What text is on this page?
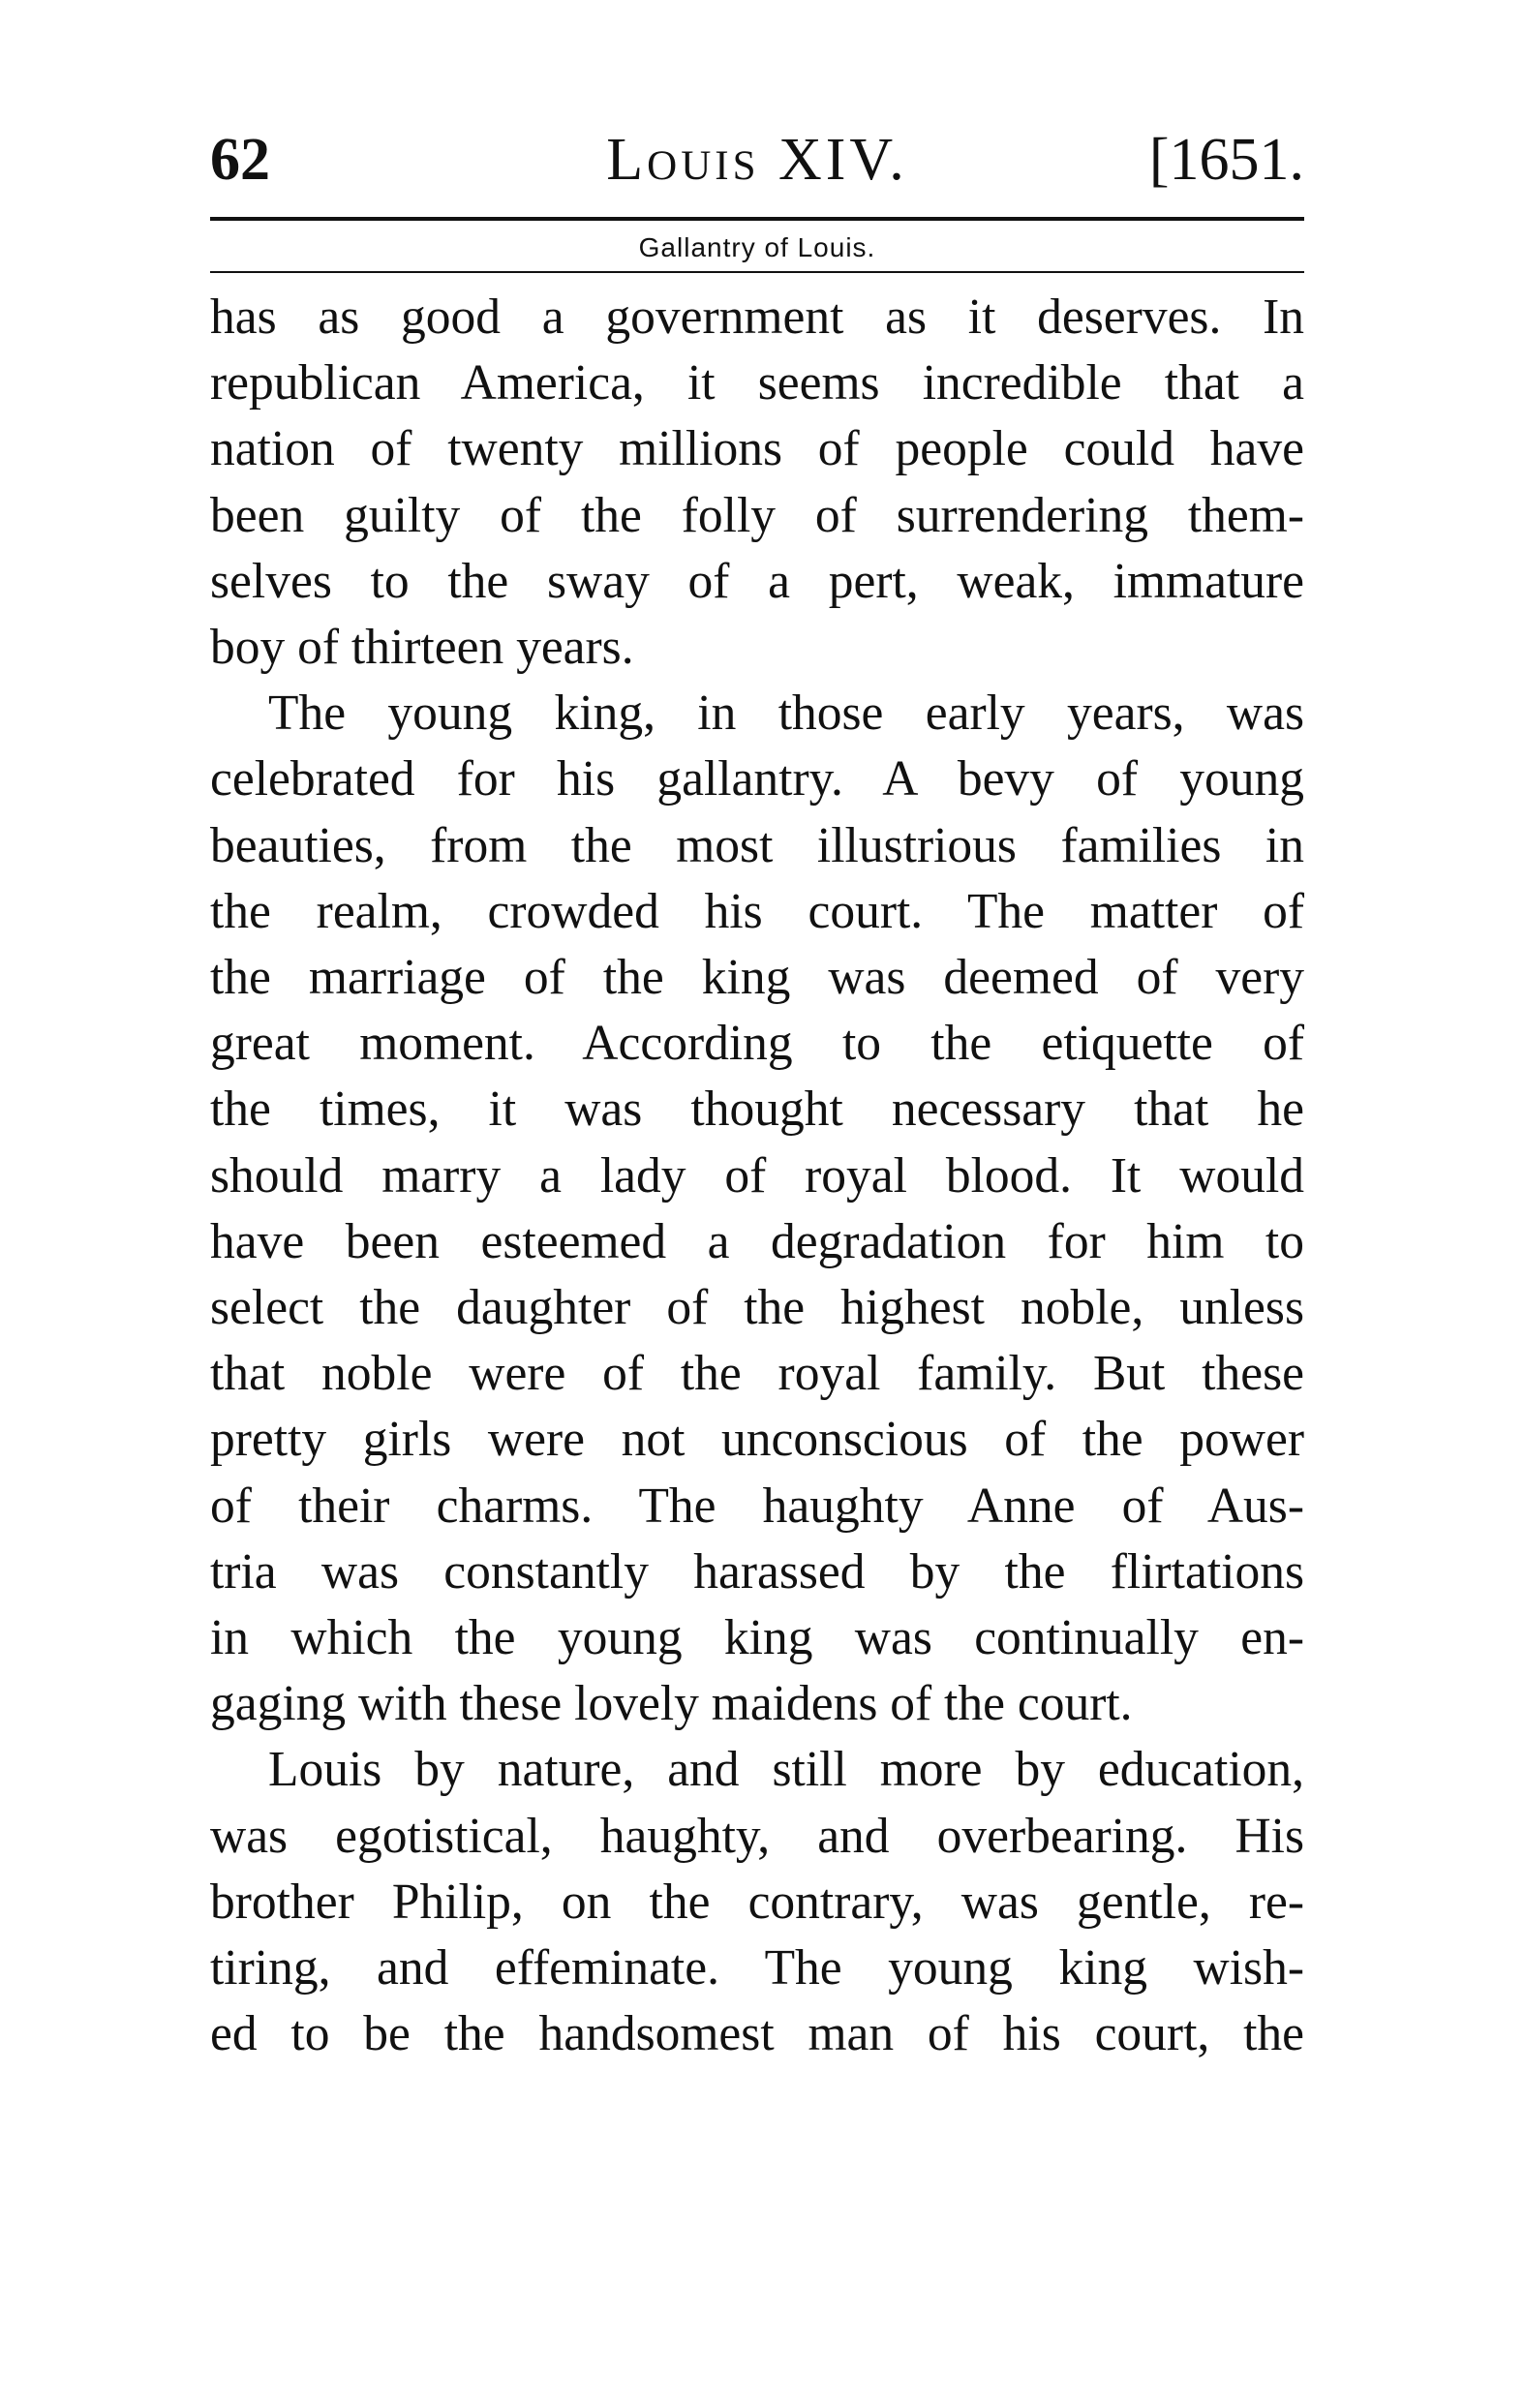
62	Louis XIV.	[1651.
Gallantry of Louis.
has as good a government as it deserves. In
republican America, it seems incredible that a
nation of twenty millions of people could have
been guilty of the folly of surrendering them-
selves to the sway of a pert, weak, immature
boy of thirteen years.
The young king, in those early years, was
celebrated for his gallantry. A bevy of young
beauties, from the most illustrious families in
the realm, crowded his court. The matter of
the marriage of the king was deemed of very
great moment. According to the etiquette of
the times, it was thought necessary that he
should marry a lady of royal blood. It would
have been esteemed a degradation for him to
select the daughter of the highest noble, unless
that noble were of the royal family. But these
pretty girls were not unconscious of the power
of their charms. The haughty Anne of Aus-
tria was constantly harassed by the flirtations
in which the young king was continually en-
gaging with these lovely maidens of the court.
Louis by nature, and still more by education,
was egotistical, haughty, and overbearing. His
brother Philip, on the contrary, was gentle, re-
tiring, and effeminate. The young king wish-
ed to be the handsomest man of his court, the
